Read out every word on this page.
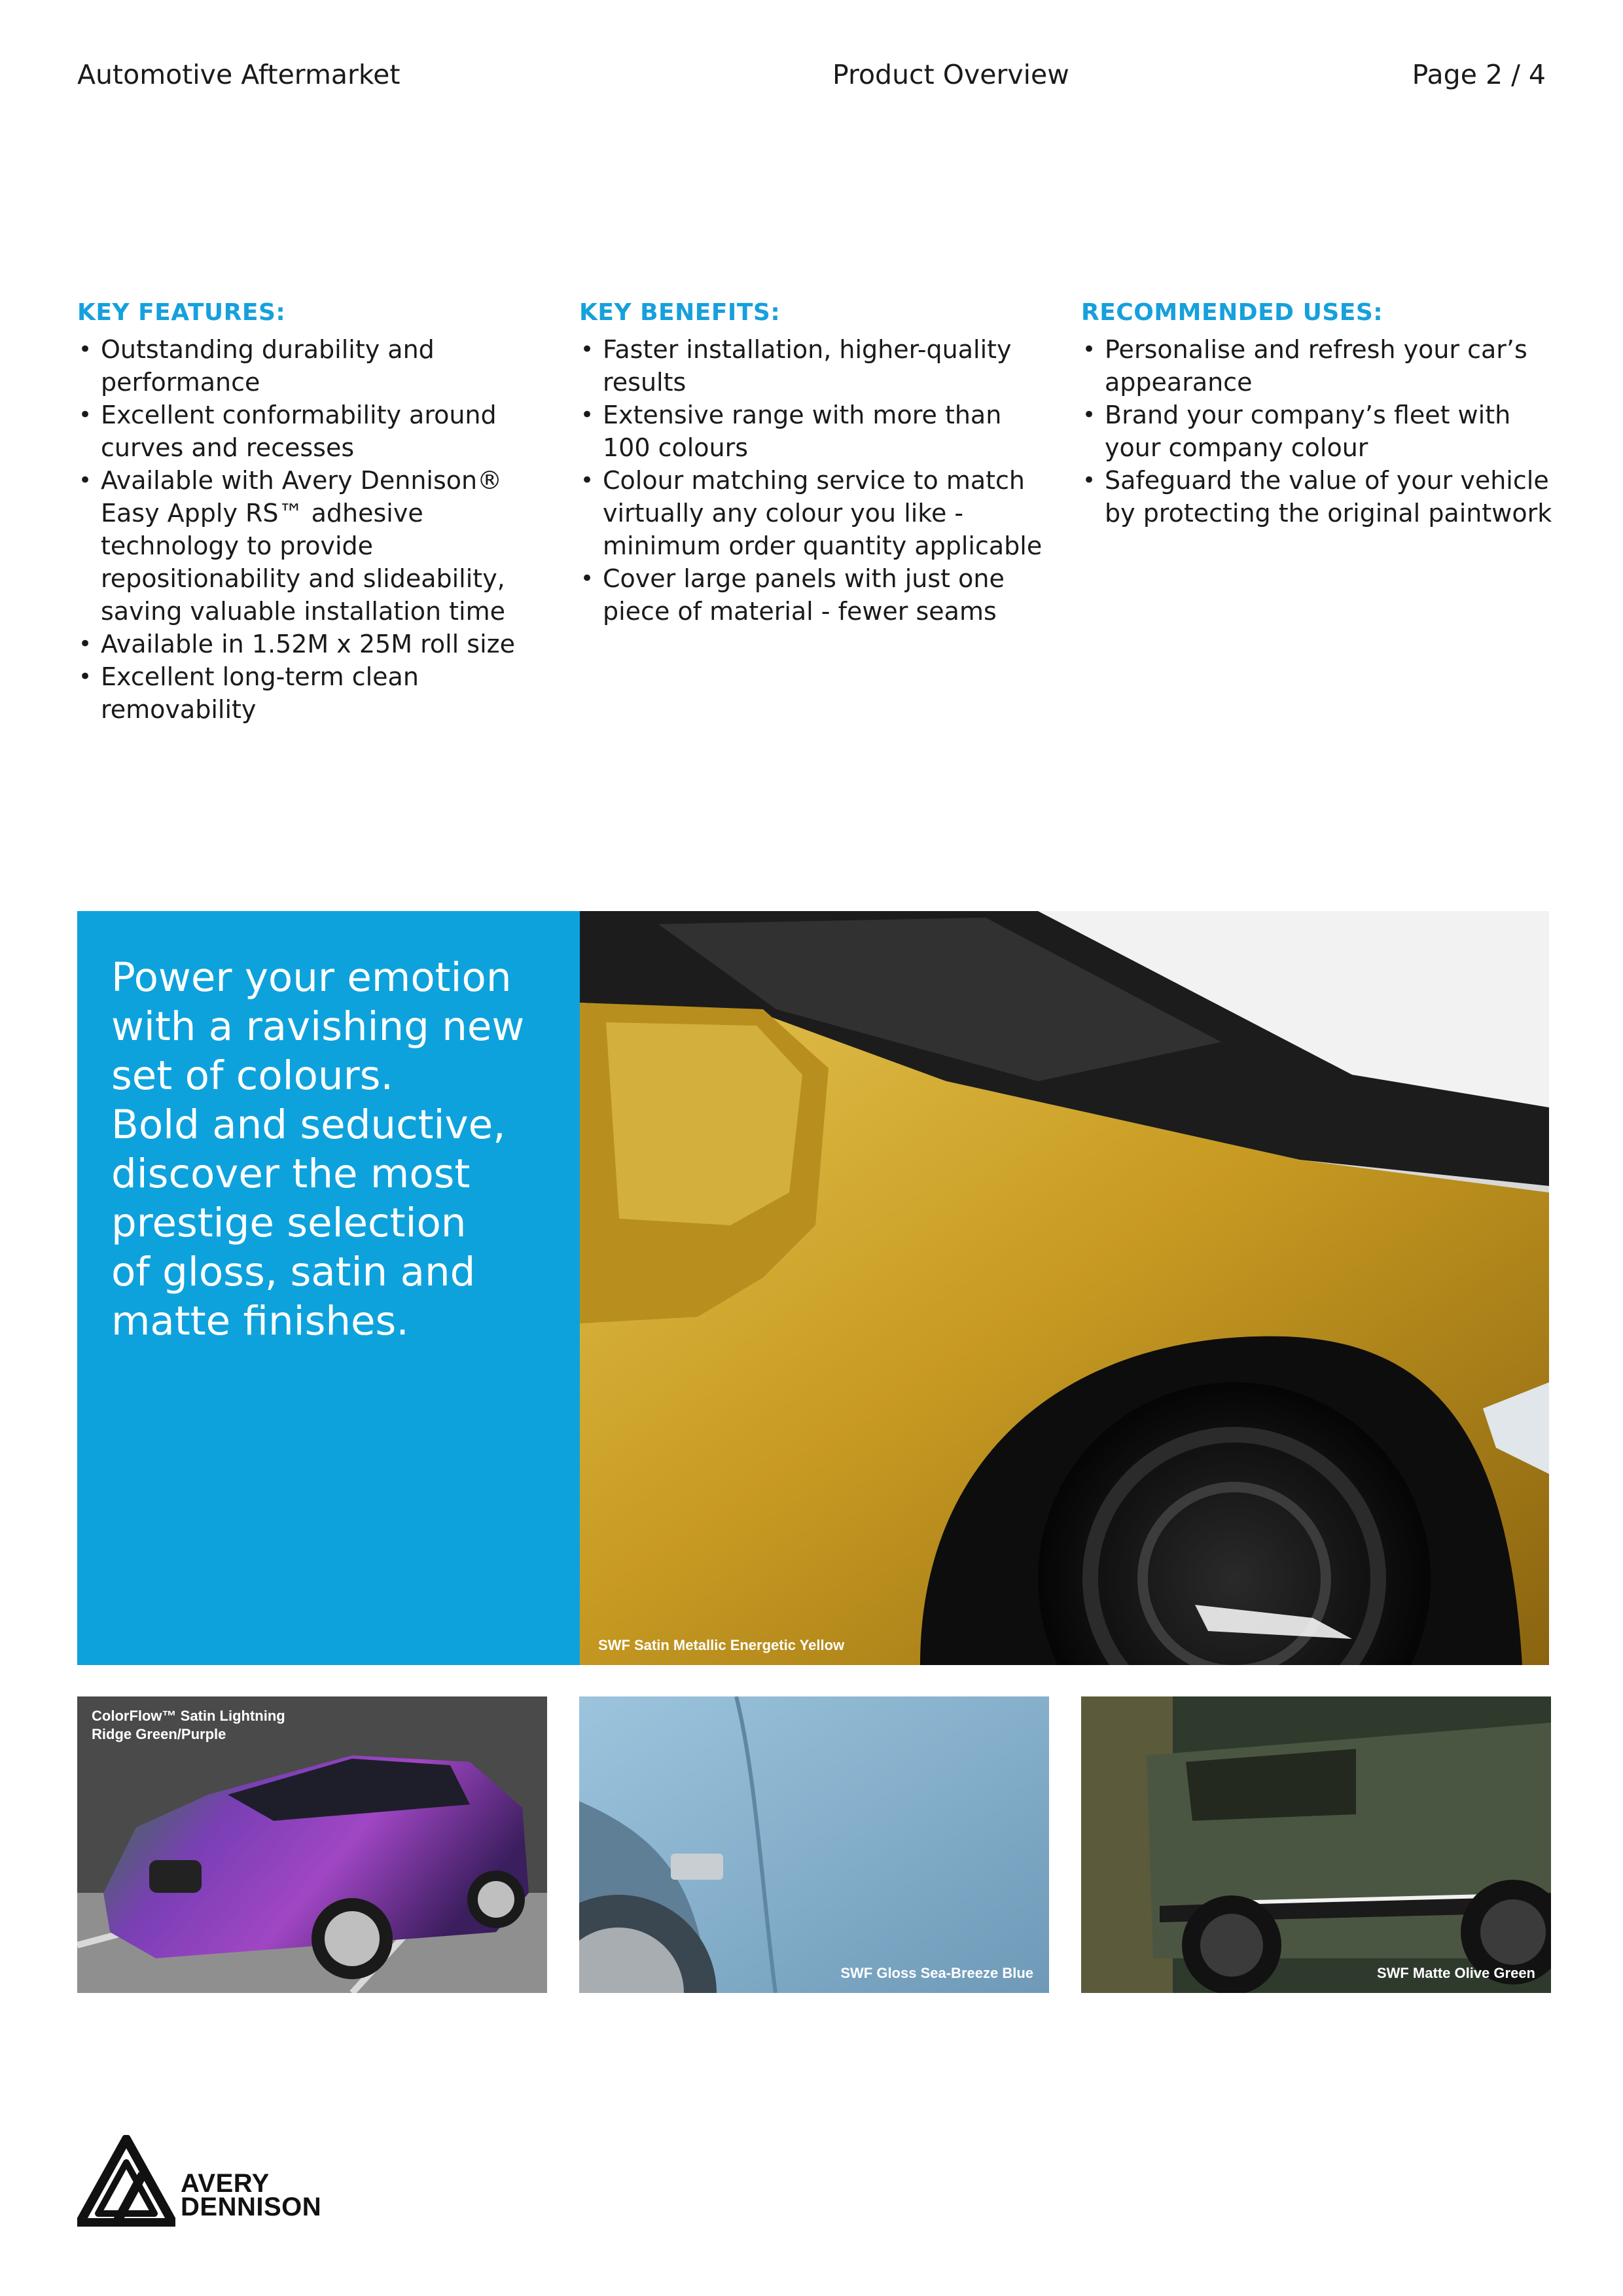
Automotive Aftermarket	Product Overview	Page 2 / 4
KEY FEATURES:
• Outstanding durability and performance
• Excellent conformability around curves and recesses
• Available with Avery Dennison® Easy Apply RS™ adhesive technology to provide repositionability and slideability, saving valuable installation time
• Available in 1.52M x 25M roll size
• Excellent long-term clean removability
KEY BENEFITS:
• Faster installation, higher-quality results
• Extensive range with more than 100 colours
• Colour matching service to match virtually any colour you like - minimum order quantity applicable
• Cover large panels with just one piece of material - fewer seams
RECOMMENDED USES:
• Personalise and refresh your car’s appearance
• Brand your company’s fleet with your company colour
• Safeguard the value of your vehicle by protecting the original paintwork
Power your emotion
with a ravishing new
set of colours.
Bold and seductive,
discover the most
prestige selection
of gloss, satin and
matte finishes.
SWF Satin Metallic Energetic Yellow
ColorFlow™ Satin Lightning
Ridge Green/Purple
SWF Gloss Sea-Breeze Blue	SWF Matte Olive Green
AVERY
DENNISON
